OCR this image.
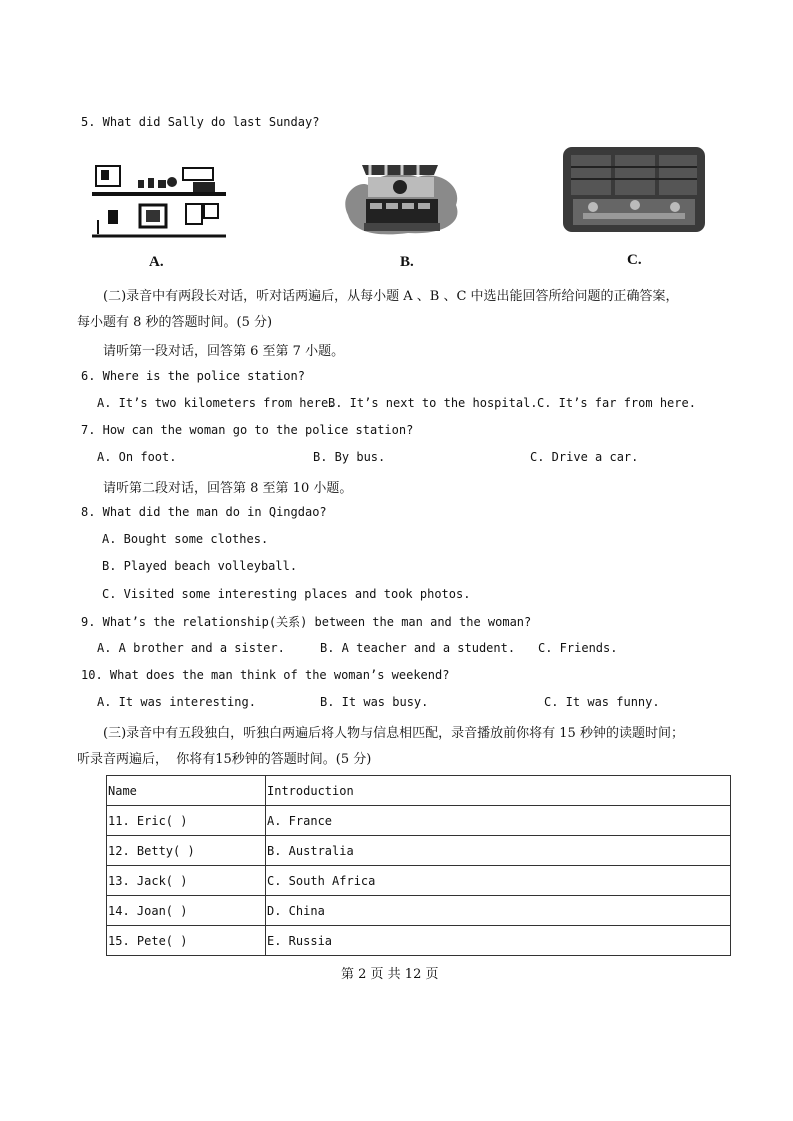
5. What did Sally do last Sunday?
A.	B.	C.
(二)录音中有两段长对话，听对话两遍后，从每小题 A 、B 、C 中选出能回答所给问题的正确答案，
每小题有 8 秒的答题时间。(5 分)
请听第一段对话，回答第 6 至第 7 小题。
6. Where is the police station?
A. It’s two kilometers from here.
B. It’s next to the hospital. C. It’s far from here.
7. How can the woman go to the police station?
A. On foot.	B. By bus.	C. Drive a car.
请听第二段对话，回答第 8 至第 10 小题。
8. What did the man do in Qingdao?
A. Bought some clothes.
B. Played beach volleyball.
C. Visited some interesting places and took photos.
9. What’s the relationship(关系) between the man and the woman?
A. A brother and a sister.	B. A teacher and a student. C. Friends.
10. What does the man think of the woman’s weekend?
A. It was interesting.	B. It was busy.	C. It was funny.
(三)录音中有五段独白，听独白两遍后将人物与信息相匹配，录音播放前你将有 15 秒钟的读题时间；
听录音两遍后，  你将有15秒钟的答题时间。(5 分)
Name	Introduction
11. Eric( )	A. France
12. Betty( )	B. Australia
13. Jack( )	C. South Africa
14. Joan( )	D. China
15. Pete( )	E. Russia
第 2 页 共 12 页
